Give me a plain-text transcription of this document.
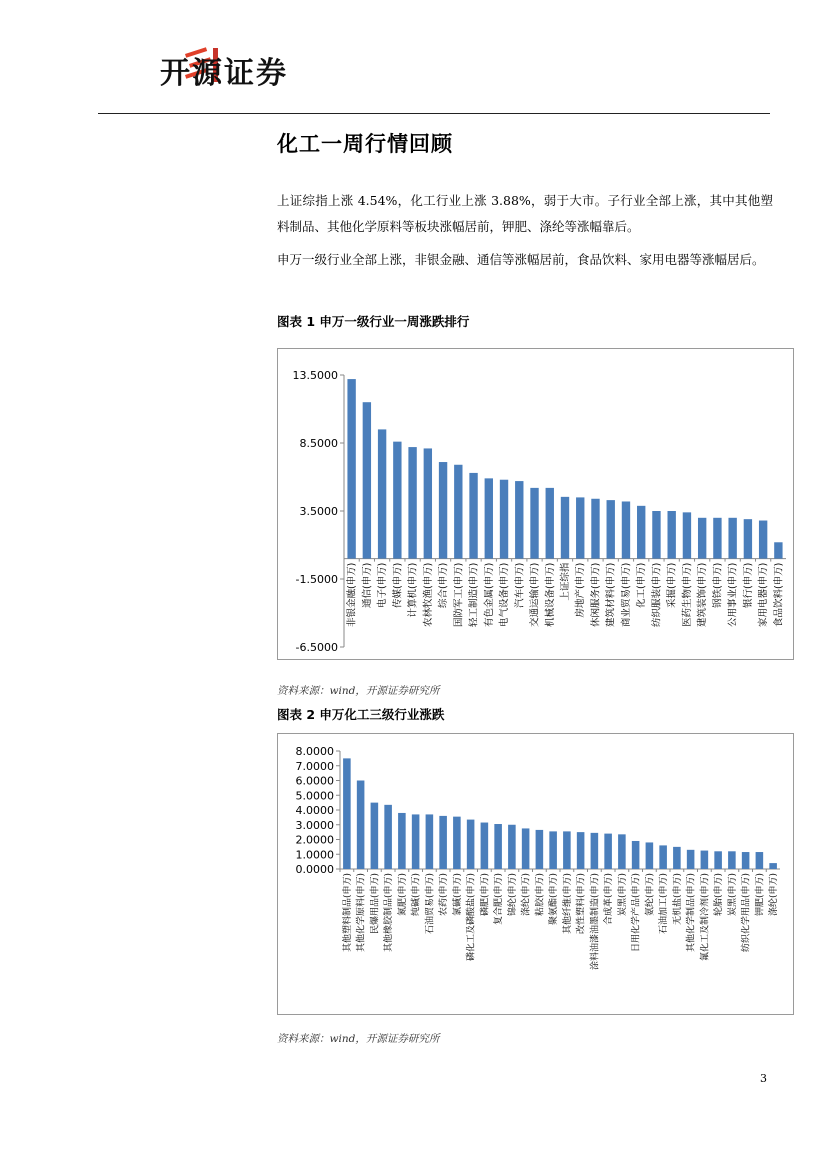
开源证券
化工一周行情回顾
上证综指上涨 4.54%，化工行业上涨 3.88%，弱于大市。子行业全部上涨，其中其他塑料制品、其他化学原料等板块涨幅居前，钾肥、涤纶等涨幅靠后。
申万一级行业全部上涨，非银金融、通信等涨幅居前，食品饮料、家用电器等涨幅居后。
图表 1 申万一级行业一周涨跌排行
13.5000
8.5000
3.5000
-1.5000
-6.5000
非银金融(申万) 通信(申万) 电子(申万) 传媒(申万) 计算机(申万) 农林牧渔(申万) 综合(申万) 国防军工(申万) 轻工制造(申万) 有色金属(申万) 电气设备(申万) 汽车(申万) 交通运输(申万) 机械设备(申万) 上证综指 房地产(申万) 休闲服务(申万) 建筑材料(申万) 商业贸易(申万) 化工(申万) 纺织服装(申万) 采掘(申万) 医药生物(申万) 建筑装饰(申万) 钢铁(申万) 公用事业(申万) 银行(申万) 家用电器(申万) 食品饮料(申万)
资料来源：wind，开源证券研究所
图表 2 申万化工三级行业涨跌
8.0000
7.0000
6.0000
5.0000
4.0000
3.0000
2.0000
1.0000
0.0000
其他塑料制品(申万) 其他化学原料(申万) 民爆用品(申万) 其他橡胶制品(申万) 氮肥(申万) 纯碱(申万) 石油贸易(申万) 农药(申万) 氯碱(申万) 磷化工及磷酸盐(申万) 磷肥(申万) 复合肥(申万) 锦纶(申万) 涤纶(申万) 粘胶(申万) 聚氨酯(申万) 其他纤维(申万) 改性塑料(申万) 涂料油漆油墨制造(申万) 合成革(申万) 炭黑(申万) 日用化学产品(申万) 氨纶(申万) 石油加工(申万) 无机盐(申万) 其他化学制品(申万) 氟化工及制冷剂(申万) 轮胎(申万) 炭黑(申万) 纺织化学用品(申万) 钾肥(申万) 涤纶(申万)
资料来源：wind，开源证券研究所
3
